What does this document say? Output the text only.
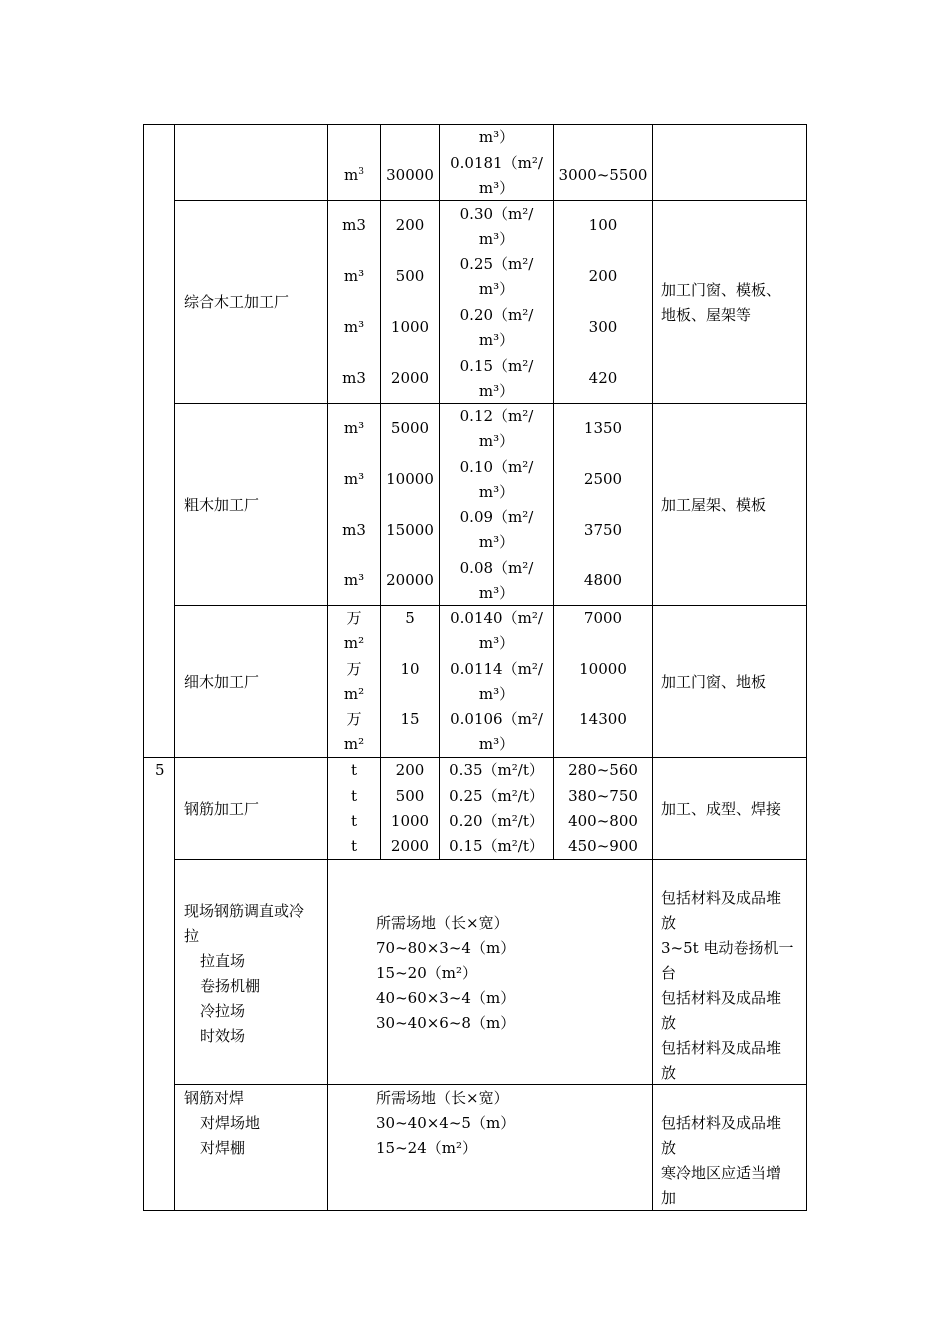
$m^3$	30000
m³）
0.0181（m²/
m³）
3000~5500
综合木工加工厂
m3
m³
m³
m3
200
500
1000
2000
0.30（m²/
m³）
0.25（m²/
m³）
0.20（m²/
m³）
0.15（m²/
m³）
100
200
300
420
加工门窗、模板、
地板、屋架等
粗木加工厂
m³
m³
m3
m³
5000
10000
15000
20000
0.12（m²/
m³）
0.10（m²/
m³）
0.09（m²/
m³）
0.08（m²/
m³）
1350
2500
3750
4800
加工屋架、模板
细木加工厂
万
m²
万
m²
万
m²
5
10
15
0.0140（m²/
m³）
0.0114（m²/
m³）
0.0106（m²/
m³）
7000
10000
14300
加工门窗、地板
5
钢筋加工厂
t
t
t
t
200
500
1000
2000
0.35（m²/t）
0.25（m²/t）
0.20（m²/t）
0.15（m²/t）
280~560
380~750
400~800
450~900
加工、成型、焊接
现场钢筋调直或冷
拉
拉直场
卷扬机棚
冷拉场
时效场
所需场地（长×宽）
70~80×3~4（m）
15~20（m²）
40~60×3~4（m）
30~40×6~8（m）
包括材料及成品堆
放
3~5t 电动卷扬机一
台
包括材料及成品堆
放
包括材料及成品堆
放
钢筋对焊
对焊场地
对焊棚
所需场地（长×宽）
30~40×4~5（m）
15~24（m²）
包括材料及成品堆
放
寒冷地区应适当增
加
